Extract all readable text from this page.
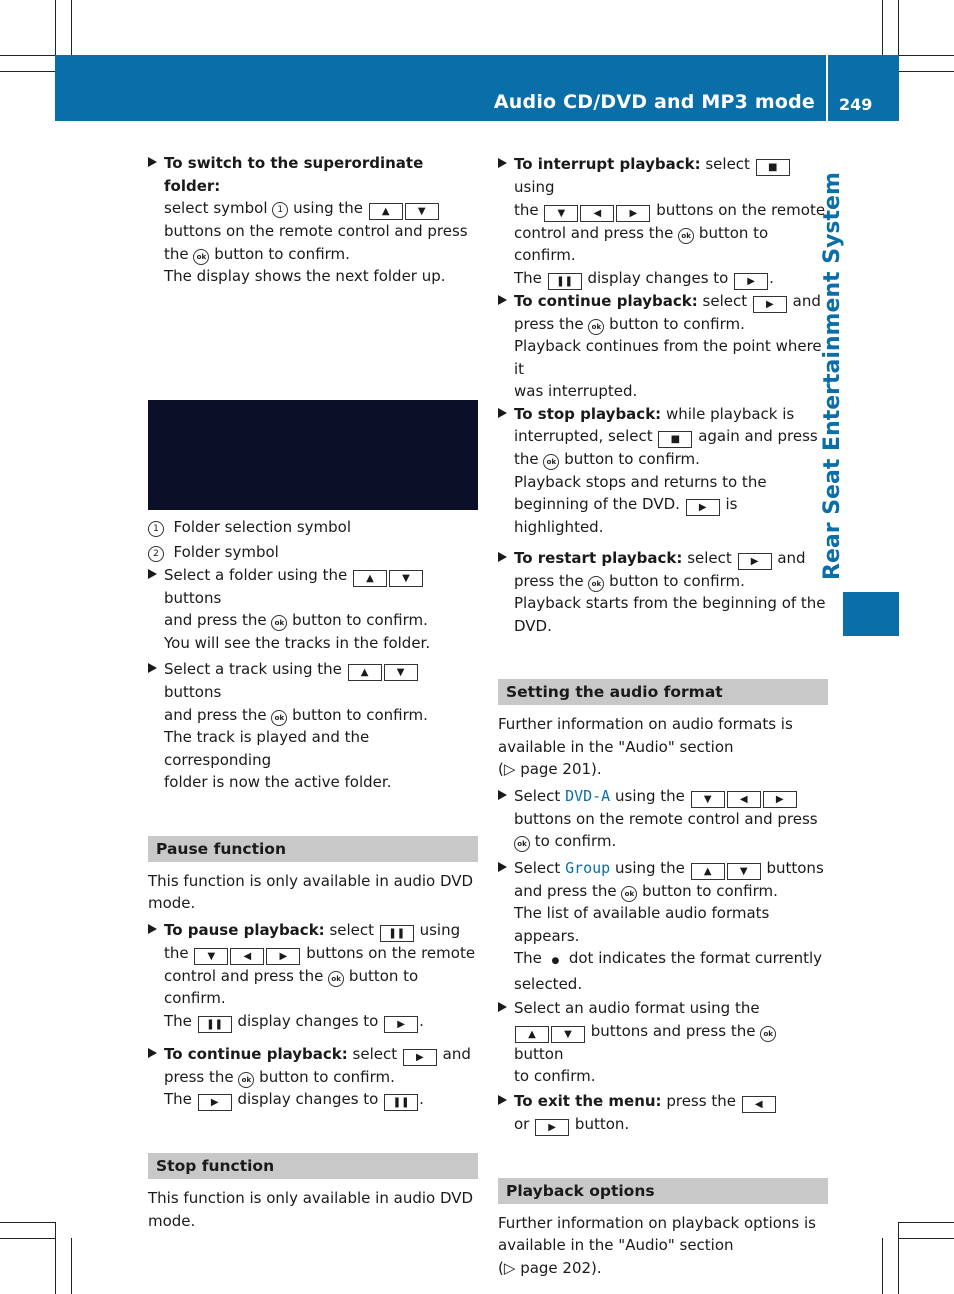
Audio CD/DVD and MP3 mode 249
Rear Seat Entertainment System
To switch to the superordinate folder:
select symbol 1 using the ▲	▼
buttons on the remote control and press
the ok button to confirm.
The display shows the next folder up.
1 Folder selection symbol
2 Folder symbol
Select a folder using the ▲	▼ buttons
and press the ok button to confirm.
You will see the tracks in the folder.
Select a track using the ▲	▼ buttons
and press the ok button to confirm.
The track is played and the corresponding
folder is now the active folder.
Pause function
This function is only available in audio DVD
mode.
To pause playback: select ❚❚ using
the ▼	◀	▶ buttons on the remote
control and press the ok button to confirm.
The ❚❚ display changes to ▶ .
To continue playback: select ▶ and
press the ok button to confirm.
The ▶ display changes to ❚❚ .
Stop function
This function is only available in audio DVD
mode.
To interrupt playback: select ■ using
the ▼	◀	▶ buttons on the remote
control and press the ok button to confirm.
The ❚❚ display changes to ▶ .
To continue playback: select ▶ and
press the ok button to confirm.
Playback continues from the point where it
was interrupted.
To stop playback: while playback is
interrupted, select ■ again and press
the ok button to confirm.
Playback stops and returns to the
beginning of the DVD. ▶ is highlighted.
To restart playback: select ▶ and
press the ok button to confirm.
Playback starts from the beginning of the
DVD.
Setting the audio format
Further information on audio formats is
available in the "Audio" section
(▷ page 201).
Select DVD-A using the ▼	◀	▶
buttons on the remote control and press
ok to confirm.
Select Group using the ▲	▼ buttons
and press the ok button to confirm.
The list of available audio formats appears.
The ● dot indicates the format currently
selected.
Select an audio format using the
▲	▼ buttons and press the ok button
to confirm.
To exit the menu: press the ◀
or ▶ button.
Playback options
Further information on playback options is
available in the "Audio" section
(▷ page 202).
